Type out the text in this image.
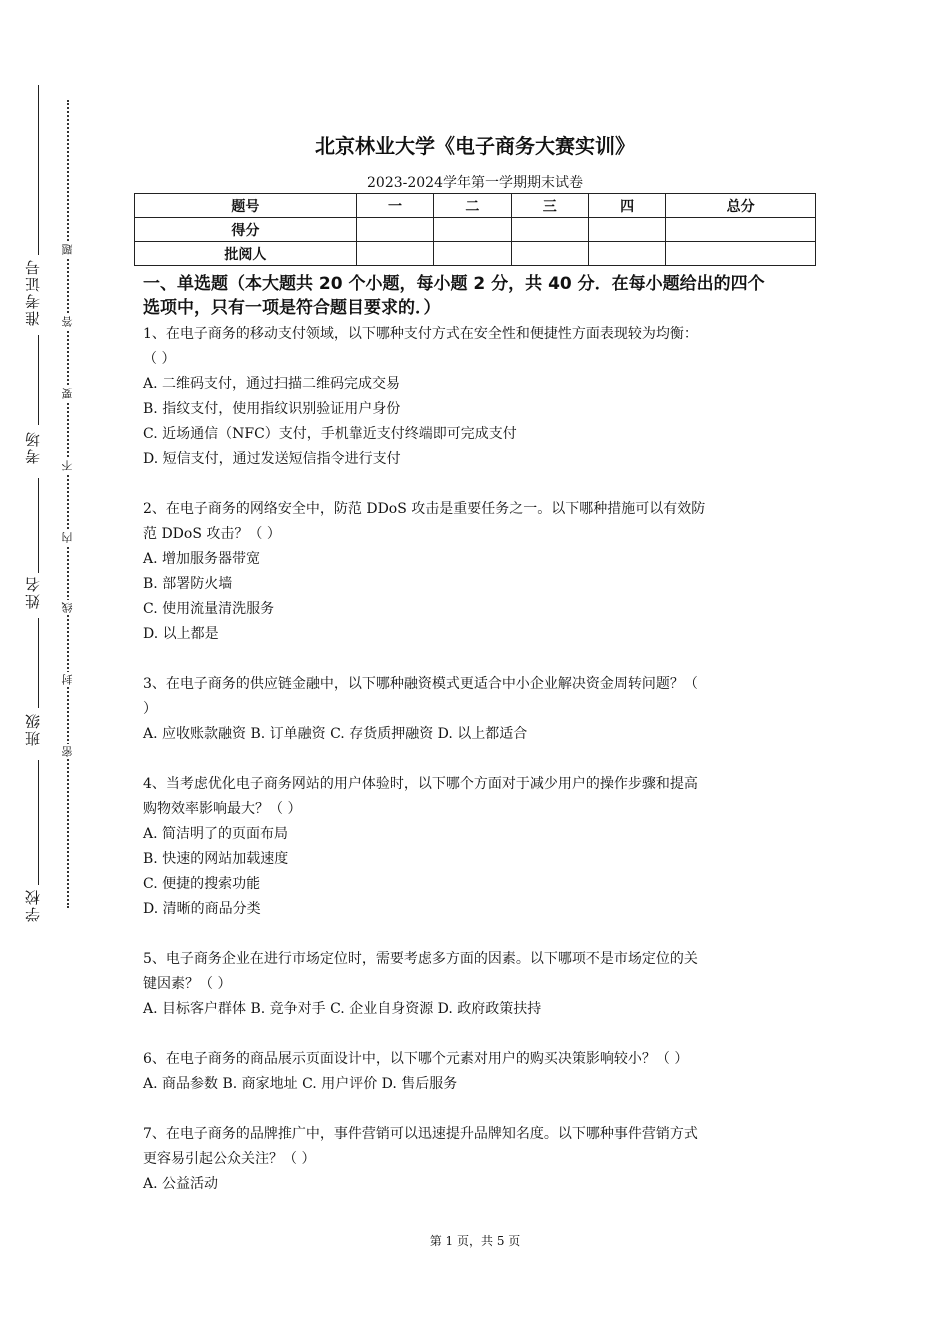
准考证号
考场
姓名
班级
学校
题
答
要
不
内
线
封
密
北京林业大学《电子商务大赛实训》
2023-2024学年第一学期期末试卷
题号	一	二	三	四	总分
得分					
批阅人					
一、单选题（本大题共 20 个小题，每小题 2 分，共 40 分．在每小题给出的四个
选项中，只有一项是符合题目要求的．）
1、在电子商务的移动支付领域，以下哪种支付方式在安全性和便捷性方面表现较为均衡：
（ ）
A. 二维码支付，通过扫描二维码完成交易
B. 指纹支付，使用指纹识别验证用户身份
C. 近场通信（NFC）支付，手机靠近支付终端即可完成支付
D. 短信支付，通过发送短信指令进行支付
2、在电子商务的网络安全中，防范 DDoS 攻击是重要任务之一。以下哪种措施可以有效防
范 DDoS 攻击？（ ）
A. 增加服务器带宽
B. 部署防火墙
C. 使用流量清洗服务
D. 以上都是
3、在电子商务的供应链金融中，以下哪种融资模式更适合中小企业解决资金周转问题？（
）
A. 应收账款融资 B. 订单融资 C. 存货质押融资 D. 以上都适合
4、当考虑优化电子商务网站的用户体验时，以下哪个方面对于减少用户的操作步骤和提高
购物效率影响最大？（ ）
A. 简洁明了的页面布局
B. 快速的网站加载速度
C. 便捷的搜索功能
D. 清晰的商品分类
5、电子商务企业在进行市场定位时，需要考虑多方面的因素。以下哪项不是市场定位的关
键因素？（ ）
A. 目标客户群体 B. 竞争对手 C. 企业自身资源 D. 政府政策扶持
6、在电子商务的商品展示页面设计中，以下哪个元素对用户的购买决策影响较小？（ ）
A. 商品参数 B. 商家地址 C. 用户评价 D. 售后服务
7、在电子商务的品牌推广中，事件营销可以迅速提升品牌知名度。以下哪种事件营销方式
更容易引起公众关注？（ ）
A. 公益活动
第 1 页，共 5 页
